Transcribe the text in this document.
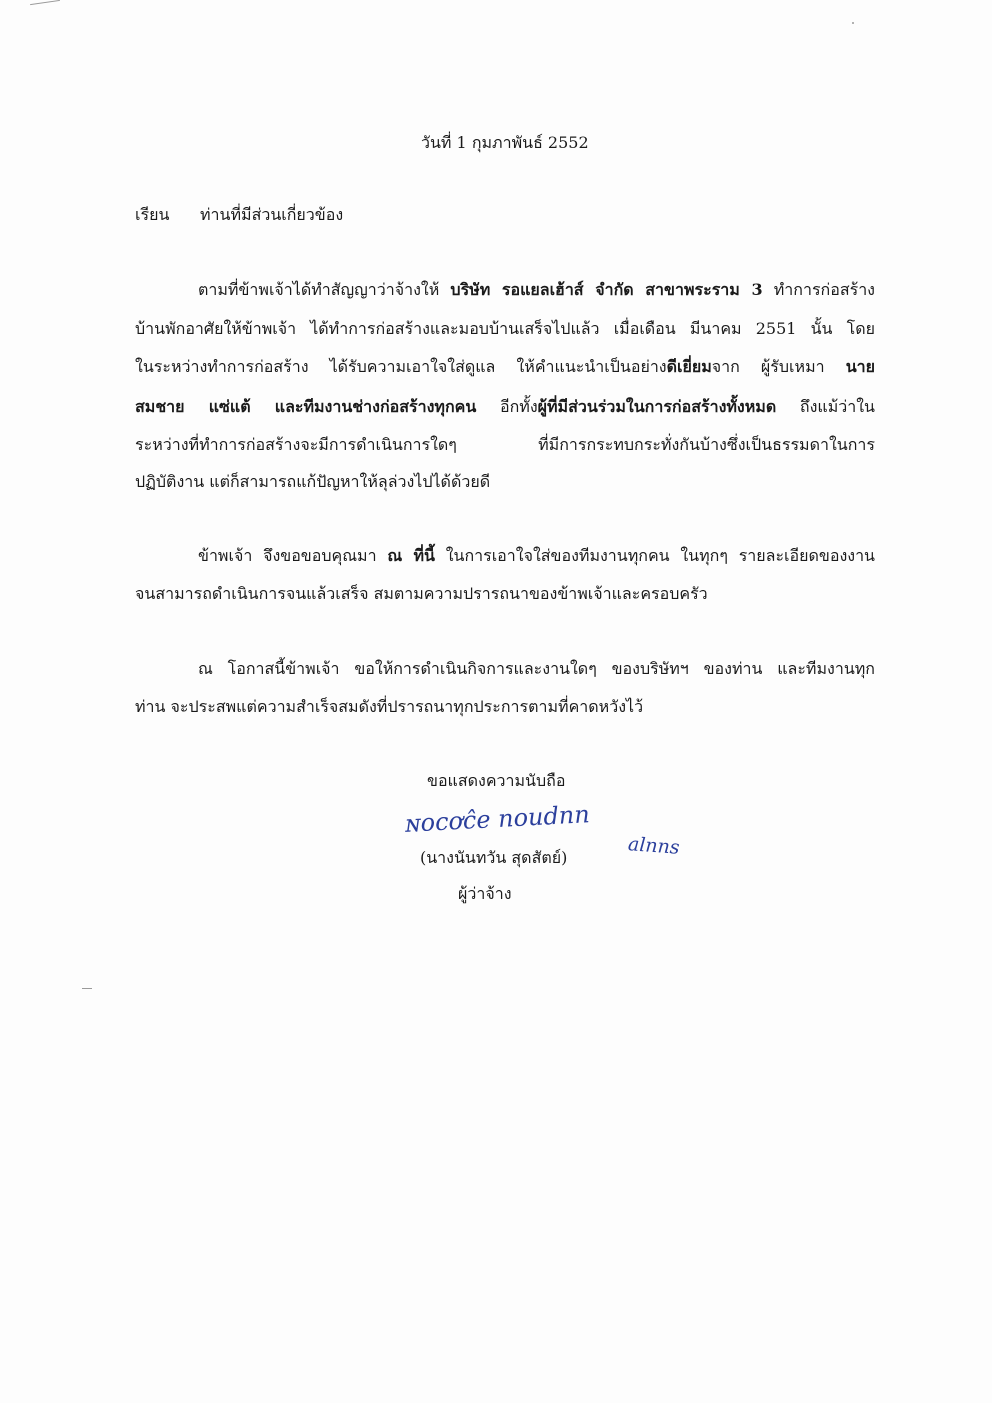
วันที่ 1 กุมภาพันธ์ 2552
เรียน ท่านที่มีส่วนเกี่ยวข้อง
ตามที่ข้าพเจ้าได้ทำสัญญาว่าจ้างให้ บริษัท รอแยลเฮ้าส์ จำกัด สาขาพระราม 3 ทำการก่อสร้าง
บ้านพักอาศัยให้ข้าพเจ้า ได้ทำการก่อสร้างและมอบบ้านเสร็จไปแล้ว เมื่อเดือน มีนาคม 2551 นั้น โดย
ในระหว่างทำการก่อสร้าง ได้รับความเอาใจใส่ดูแล ให้คำแนะนำเป็นอย่างดีเยี่ยมจาก ผู้รับเหมา นาย
สมชาย แซ่แต้ และทีมงานช่างก่อสร้างทุกคน อีกทั้งผู้ที่มีส่วนร่วมในการก่อสร้างทั้งหมด ถึงแม้ว่าใน
ระหว่างที่ทำการก่อสร้างจะมีการดำเนินการใดๆ ที่มีการกระทบกระทั่งกันบ้างซึ่งเป็นธรรมดาในการ
ปฏิบัติงาน แต่ก็สามารถแก้ปัญหาให้ลุล่วงไปได้ด้วยดี
ข้าพเจ้า จึงขอขอบคุณมา ณ ที่นี้ ในการเอาใจใส่ของทีมงานทุกคน ในทุกๆ รายละเอียดของงาน
จนสามารถดำเนินการจนแล้วเสร็จ สมตามความปรารถนาของข้าพเจ้าและครอบครัว
ณ โอกาสนี้ข้าพเจ้า ขอให้การดำเนินกิจการและงานใดๆ ของบริษัทฯ ของท่าน และทีมงานทุก
ท่าน จะประสพแต่ความสำเร็จสมดังที่ปรารถนาทุกประการตามที่คาดหวังไว้
ขอแสดงความนับถือ
ɴocơĉe noudnn
alnns
(นางนันทวัน สุดสัตย์)
ผู้ว่าจ้าง
